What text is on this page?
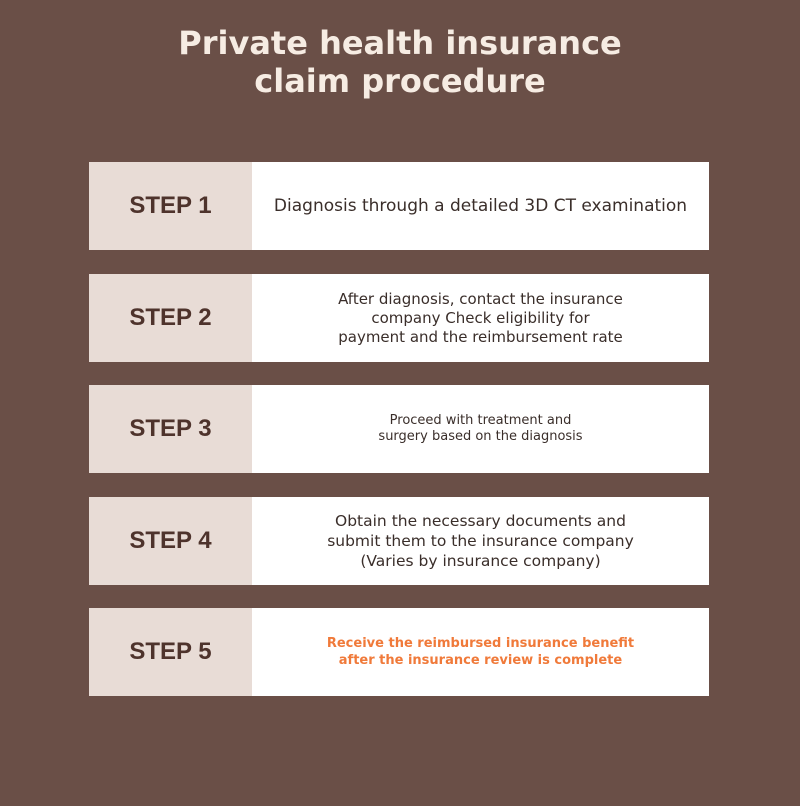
Private health insurance
claim procedure
STEP 1	Diagnosis through a detailed 3D CT examination
STEP 2
After diagnosis, contact the insurance
company Check eligibility for
payment and the reimbursement rate
STEP 3	Proceed with treatment and
surgery based on the diagnosis
STEP 4
Obtain the necessary documents and
submit them to the insurance company
(Varies by insurance company)
STEP 5	Receive the reimbursed insurance benefit
after the insurance review is complete
